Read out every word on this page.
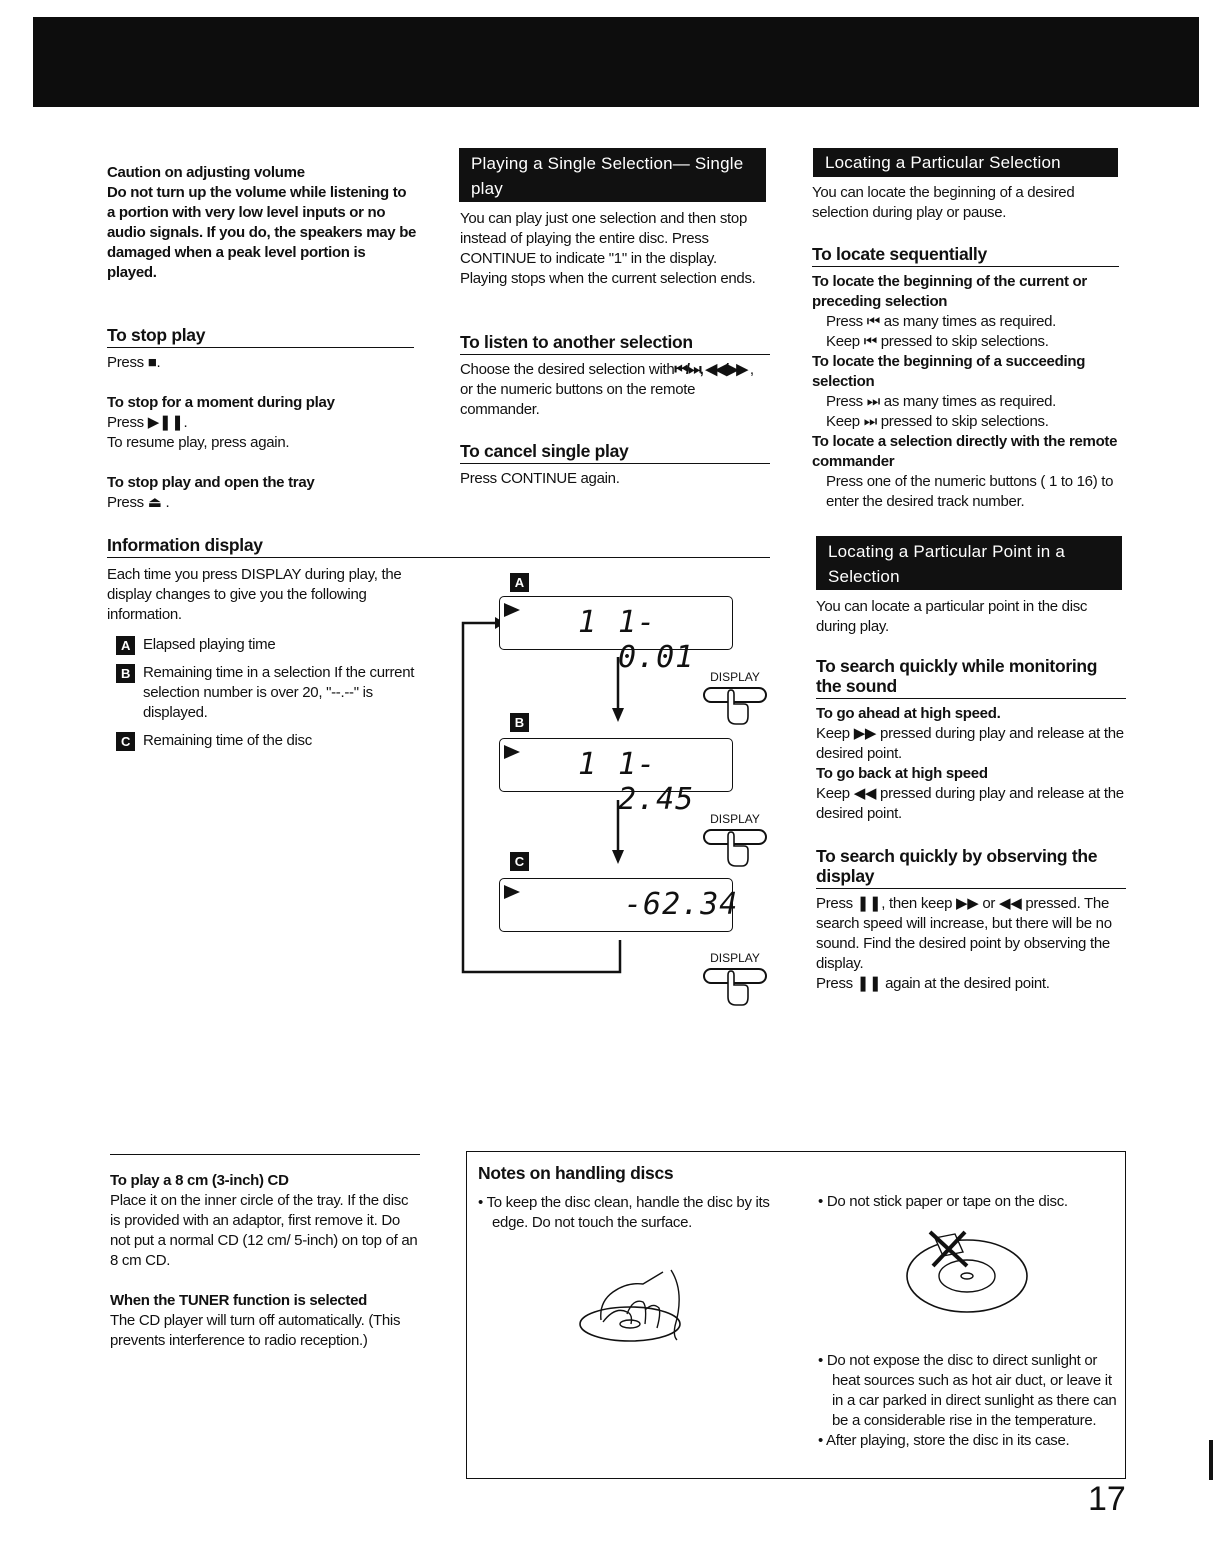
Caution on adjusting volume
Do not turn up the volume while listening to a portion with very low level inputs or no audio signals. If you do, the speakers may be damaged when a peak level portion is played.
To stop play
Press ■.
To stop for a moment during play
Press ▶❚❚.
To resume play, press again.
To stop play and open the tray
Press ⏏ .
Information display
Each time you press DISPLAY during play, the display changes to give you the following information.
A Elapsed playing time
B Remaining time in a selection If the current selection number is over 20, "--.--" is displayed.
C Remaining time of the disc
Playing a Single Selection— Single play
You can play just one selection and then stop instead of playing the entire disc. Press CONTINUE to indicate "1" in the display. Playing stops when the current selection ends.
To listen to another selection
Choose the desired selection with⏮/⏭, ◀◀/▶▶ , or the numeric buttons on the remote commander.
To cancel single play
Press CONTINUE again.
A
1 1- 0.01
DISPLAY
B
1 1- 2.45
DISPLAY
C
-62.34
DISPLAY
Locating a Particular Selection
You can locate the beginning of a desired selection during play or pause.
To locate sequentially
To locate the beginning of the current or preceding selection
Press ⏮ as many times as required.
Keep ⏮ pressed to skip selections.
To locate the beginning of a succeeding selection
Press ⏭ as many times as required.
Keep ⏭ pressed to skip selections.
To locate a selection directly with the remote commander
Press one of the numeric buttons ( 1 to 16) to enter the desired track number.
Locating a Particular Point in a Selection
You can locate a particular point in the disc during play.
To search quickly while monitoring the sound
To go ahead at high speed.
Keep ▶▶ pressed during play and release at the desired point.
To go back at high speed
Keep ◀◀ pressed during play and release at the desired point.
To search quickly by observing the display
Press ❚❚, then keep ▶▶ or ◀◀ pressed. The search speed will increase, but there will be no sound. Find the desired point by observing the display.
Press ❚❚ again at the desired point.
To play a 8 cm (3-inch) CD
Place it on the inner circle of the tray. If the disc is provided with an adaptor, first remove it. Do not put a normal CD (12 cm/ 5-inch) on top of an 8 cm CD.
When the TUNER function is selected
The CD player will turn off automatically. (This prevents interference to radio reception.)
Notes on handling discs
• To keep the disc clean, handle the disc by its edge. Do not touch the surface.
• Do not stick paper or tape on the disc.
• Do not expose the disc to direct sunlight or heat sources such as hot air duct, or leave it in a car parked in direct sunlight as there can be a considerable rise in the temperature.
• After playing, store the disc in its case.
17
